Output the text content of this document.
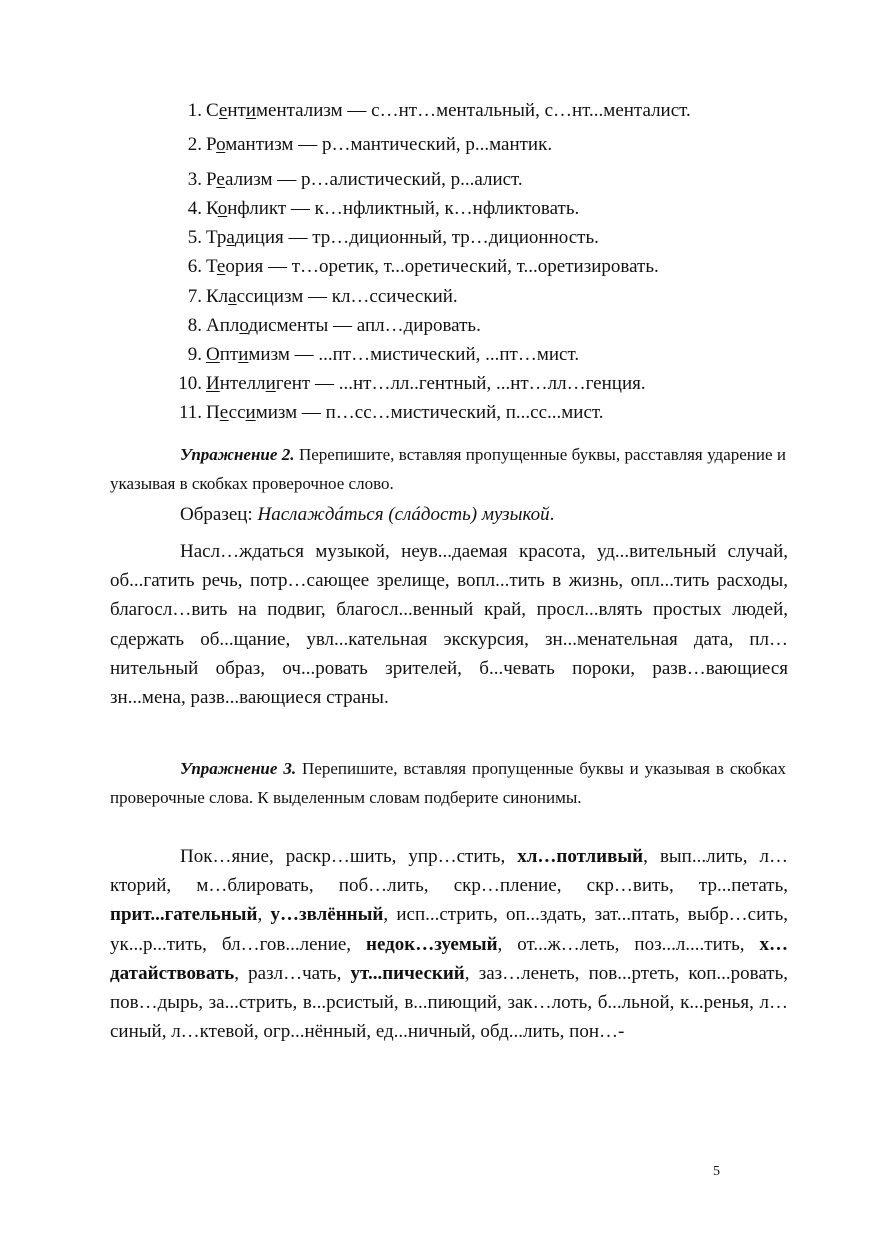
1. Сентиментализм — с…нт…ментальный, с…нт...менталист.
2. Романтизм — р…мантический, р...мантик.
3. Реализм — р…алистический, р...алист.
4. Конфликт — к…нфликтный, к…нфликтовать.
5. Традиция — тр…диционный, тр…диционность.
6. Теория — т…оретик, т...оретический, т...оретизировать.
7. Классицизм — кл…ссический.
8. Аплодисменты — апл…дировать.
9. Оптимизм — ...пт…мистический, ...пт…мист.
10. Интеллигент — ...нт…лл..гентный, ...нт…лл…генция.
11. Пессимизм — п…сс…мистический, п...сс...мист.
Упражнение 2. Перепишите, вставляя пропущенные буквы, расставляя ударение и указывая в скобках проверочное слово.
Образец: Наслаждáться (слáдость) музыкой.
Насл…ждаться музыкой, неув...даемая красота, уд...вительный случай, об...гатить речь, потр…сающее зрелище, вопл...тить в жизнь, опл...тить расходы, благосл…вить на подвиг, благосл...венный край, просл...влять простых людей, сдержать об...щание, увл...кательная экскурсия, зн...менательная дата, пл…нительный образ, оч...ровать зрителей, б...чевать пороки, разв…вающиеся зн...мена, разв...вающиеся страны.
Упражнение 3. Перепишите, вставляя пропущенные буквы и указывая в скобках проверочные слова. К выделенным словам подберите синонимы.
Пок…яние, раскр…шить, упр…стить, хл…потливый, вып...лить, л…кторий, м…блировать, поб…лить, скр…пление, скр…вить, тр...петать, прит...гательный, у…звлённый, исп...стрить, оп...здать, зат...птать, выбр…сить, ук...р...тить, бл…гов...ление, недок…зуемый, от...ж…леть, поз...л....тить, х…датайствовать, разл…чать, ут...пический, заз…ленеть, пов...ртеть, коп...ровать, пов…дырь, за...стрить, в...рсистый, в...пиющий, зак…лоть, б...льной, к...ренья, л…синый, л…ктевой, огр...нённый, ед...ничный, обд...лить, пон…-
5
